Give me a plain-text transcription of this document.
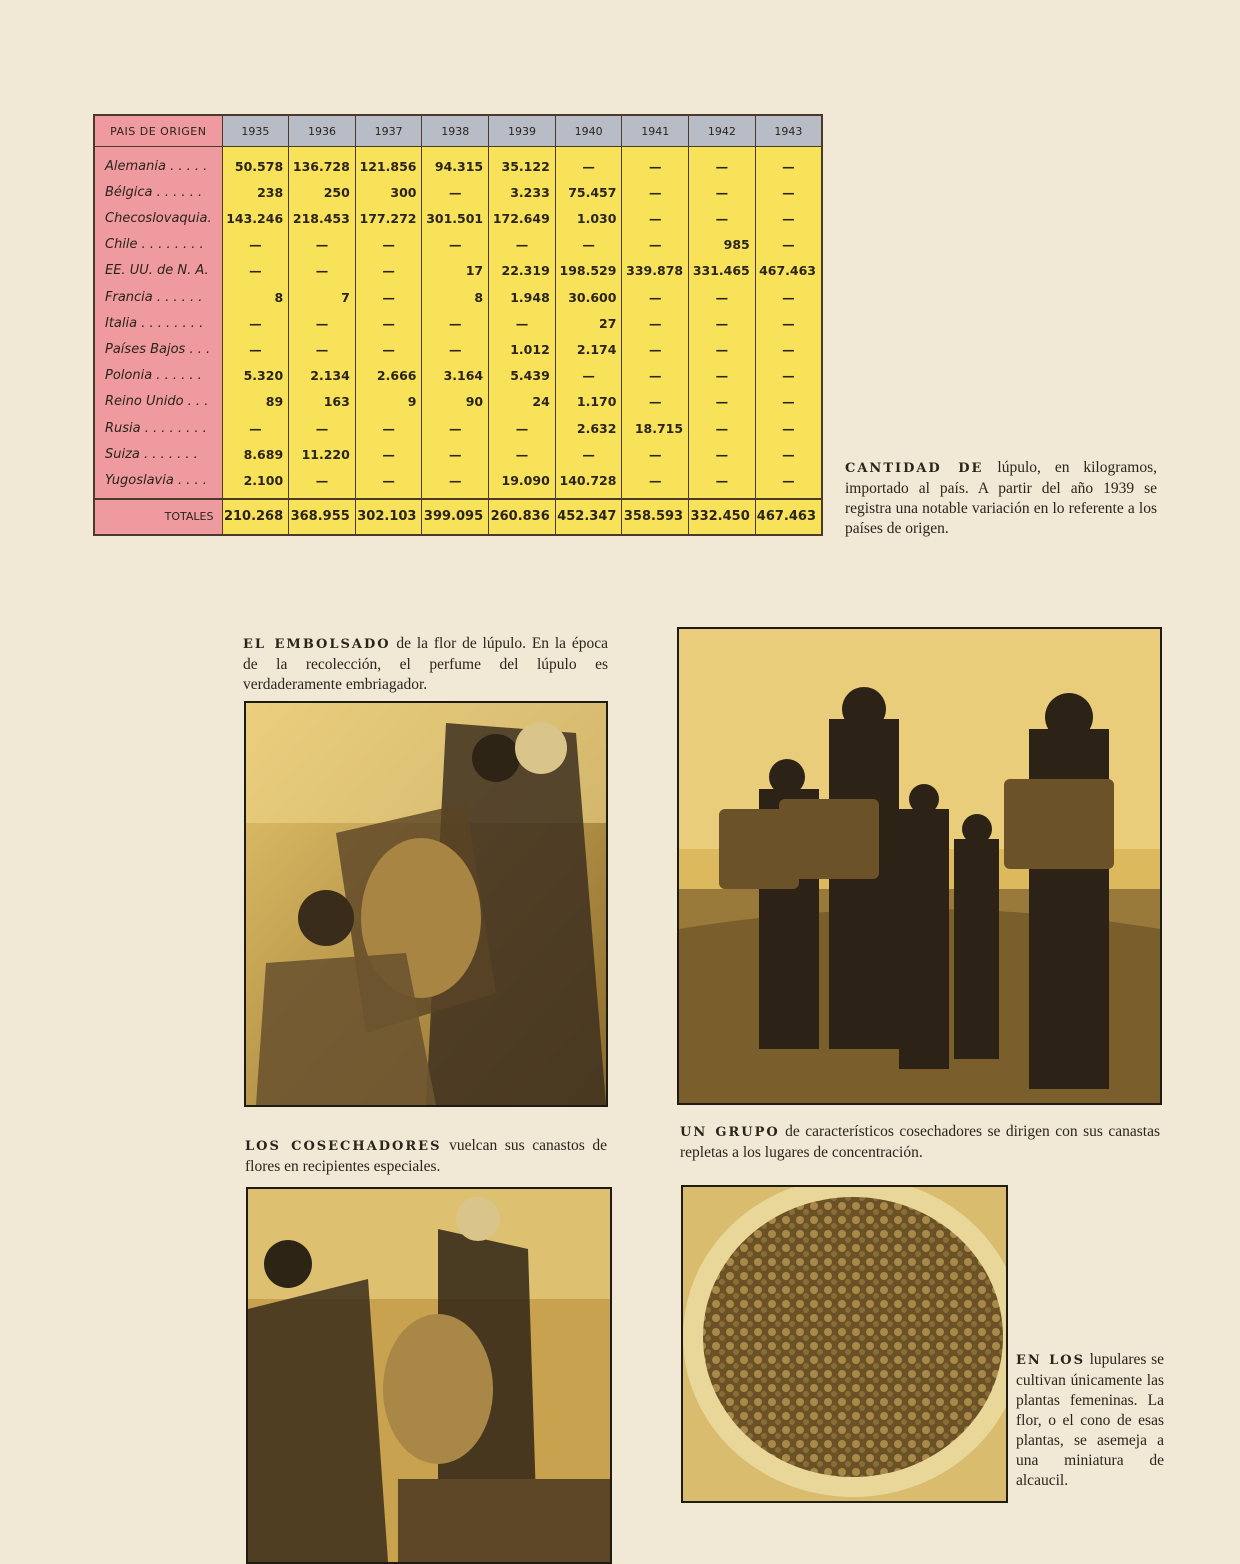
PAIS DE ORIGEN	1935	1936	1937	1938	1939	1940	1941	1942	1943
Alemania . . . . .	50.578	136.728	121.856	94.315	35.122	—	—	—	—
Bélgica . . . . . .	238	250	300	—	3.233	75.457	—	—	—
Checoslovaquia.	143.246	218.453	177.272	301.501	172.649	1.030	—	—	—
Chile . . . . . . . .	—	—	—	—	—	—	—	985	—
EE. UU. de N. A.	—	—	—	17	22.319	198.529	339.878	331.465	467.463
Francia . . . . . .	8	7	—	8	1.948	30.600	—	—	—
Italia . . . . . . . .	—	—	—	—	—	27	—	—	—
Países Bajos . . .	—	—	—	—	1.012	2.174	—	—	—
Polonia . . . . . .	5.320	2.134	2.666	3.164	5.439	—	—	—	—
Reino Unido . . .	89	163	9	90	24	1.170	—	—	—
Rusia . . . . . . . .	—	—	—	—	—	2.632	18.715	—	—
Suiza . . . . . . .	8.689	11.220	—	—	—	—	—	—	—
Yugoslavia . . . .	2.100	—	—	—	19.090	140.728	—	—	—
TOTALES	210.268	368.955	302.103	399.095	260.836	452.347	358.593	332.450	467.463
CANTIDAD DE lúpulo, en kilogramos, importado al país. A partir del año 1939 se registra una notable variación en lo referente a los países de origen.
EL EMBOLSADO de la flor de lúpulo. En la época de la recolección, el perfume del lúpulo es verdaderamente embriagador.
UN GRUPO de característicos cosechadores se dirigen con sus canastas repletas a los lugares de concentración.
LOS COSECHADORES vuelcan sus canastos de flores en recipientes especiales.
EN LOS lupulares se cultivan únicamente las plantas femeninas. La flor, o el cono de esas plantas, se asemeja a una miniatura de alcaucil.
